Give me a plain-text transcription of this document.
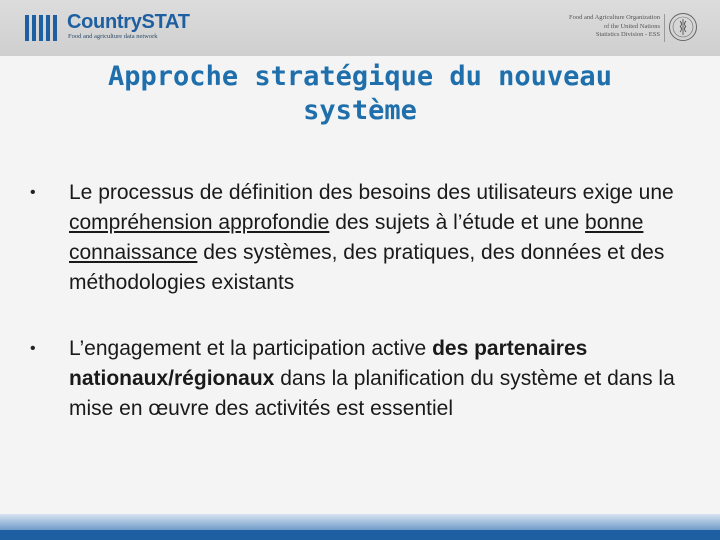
CountrySTAT
Food and agriculture data network
Food and Agriculture Organization
of the United Nations
Statistics Division - ESS
Approche stratégique du nouveau
système
• Le processus de définition des besoins des utilisateurs exige une compréhension approfondie des sujets à l’étude et une bonne connaissance des systèmes, des pratiques, des données et des méthodologies existants
• L’engagement et la participation active des partenaires nationaux/régionaux dans la planification du système et dans la mise en œuvre des activités est essentiel
